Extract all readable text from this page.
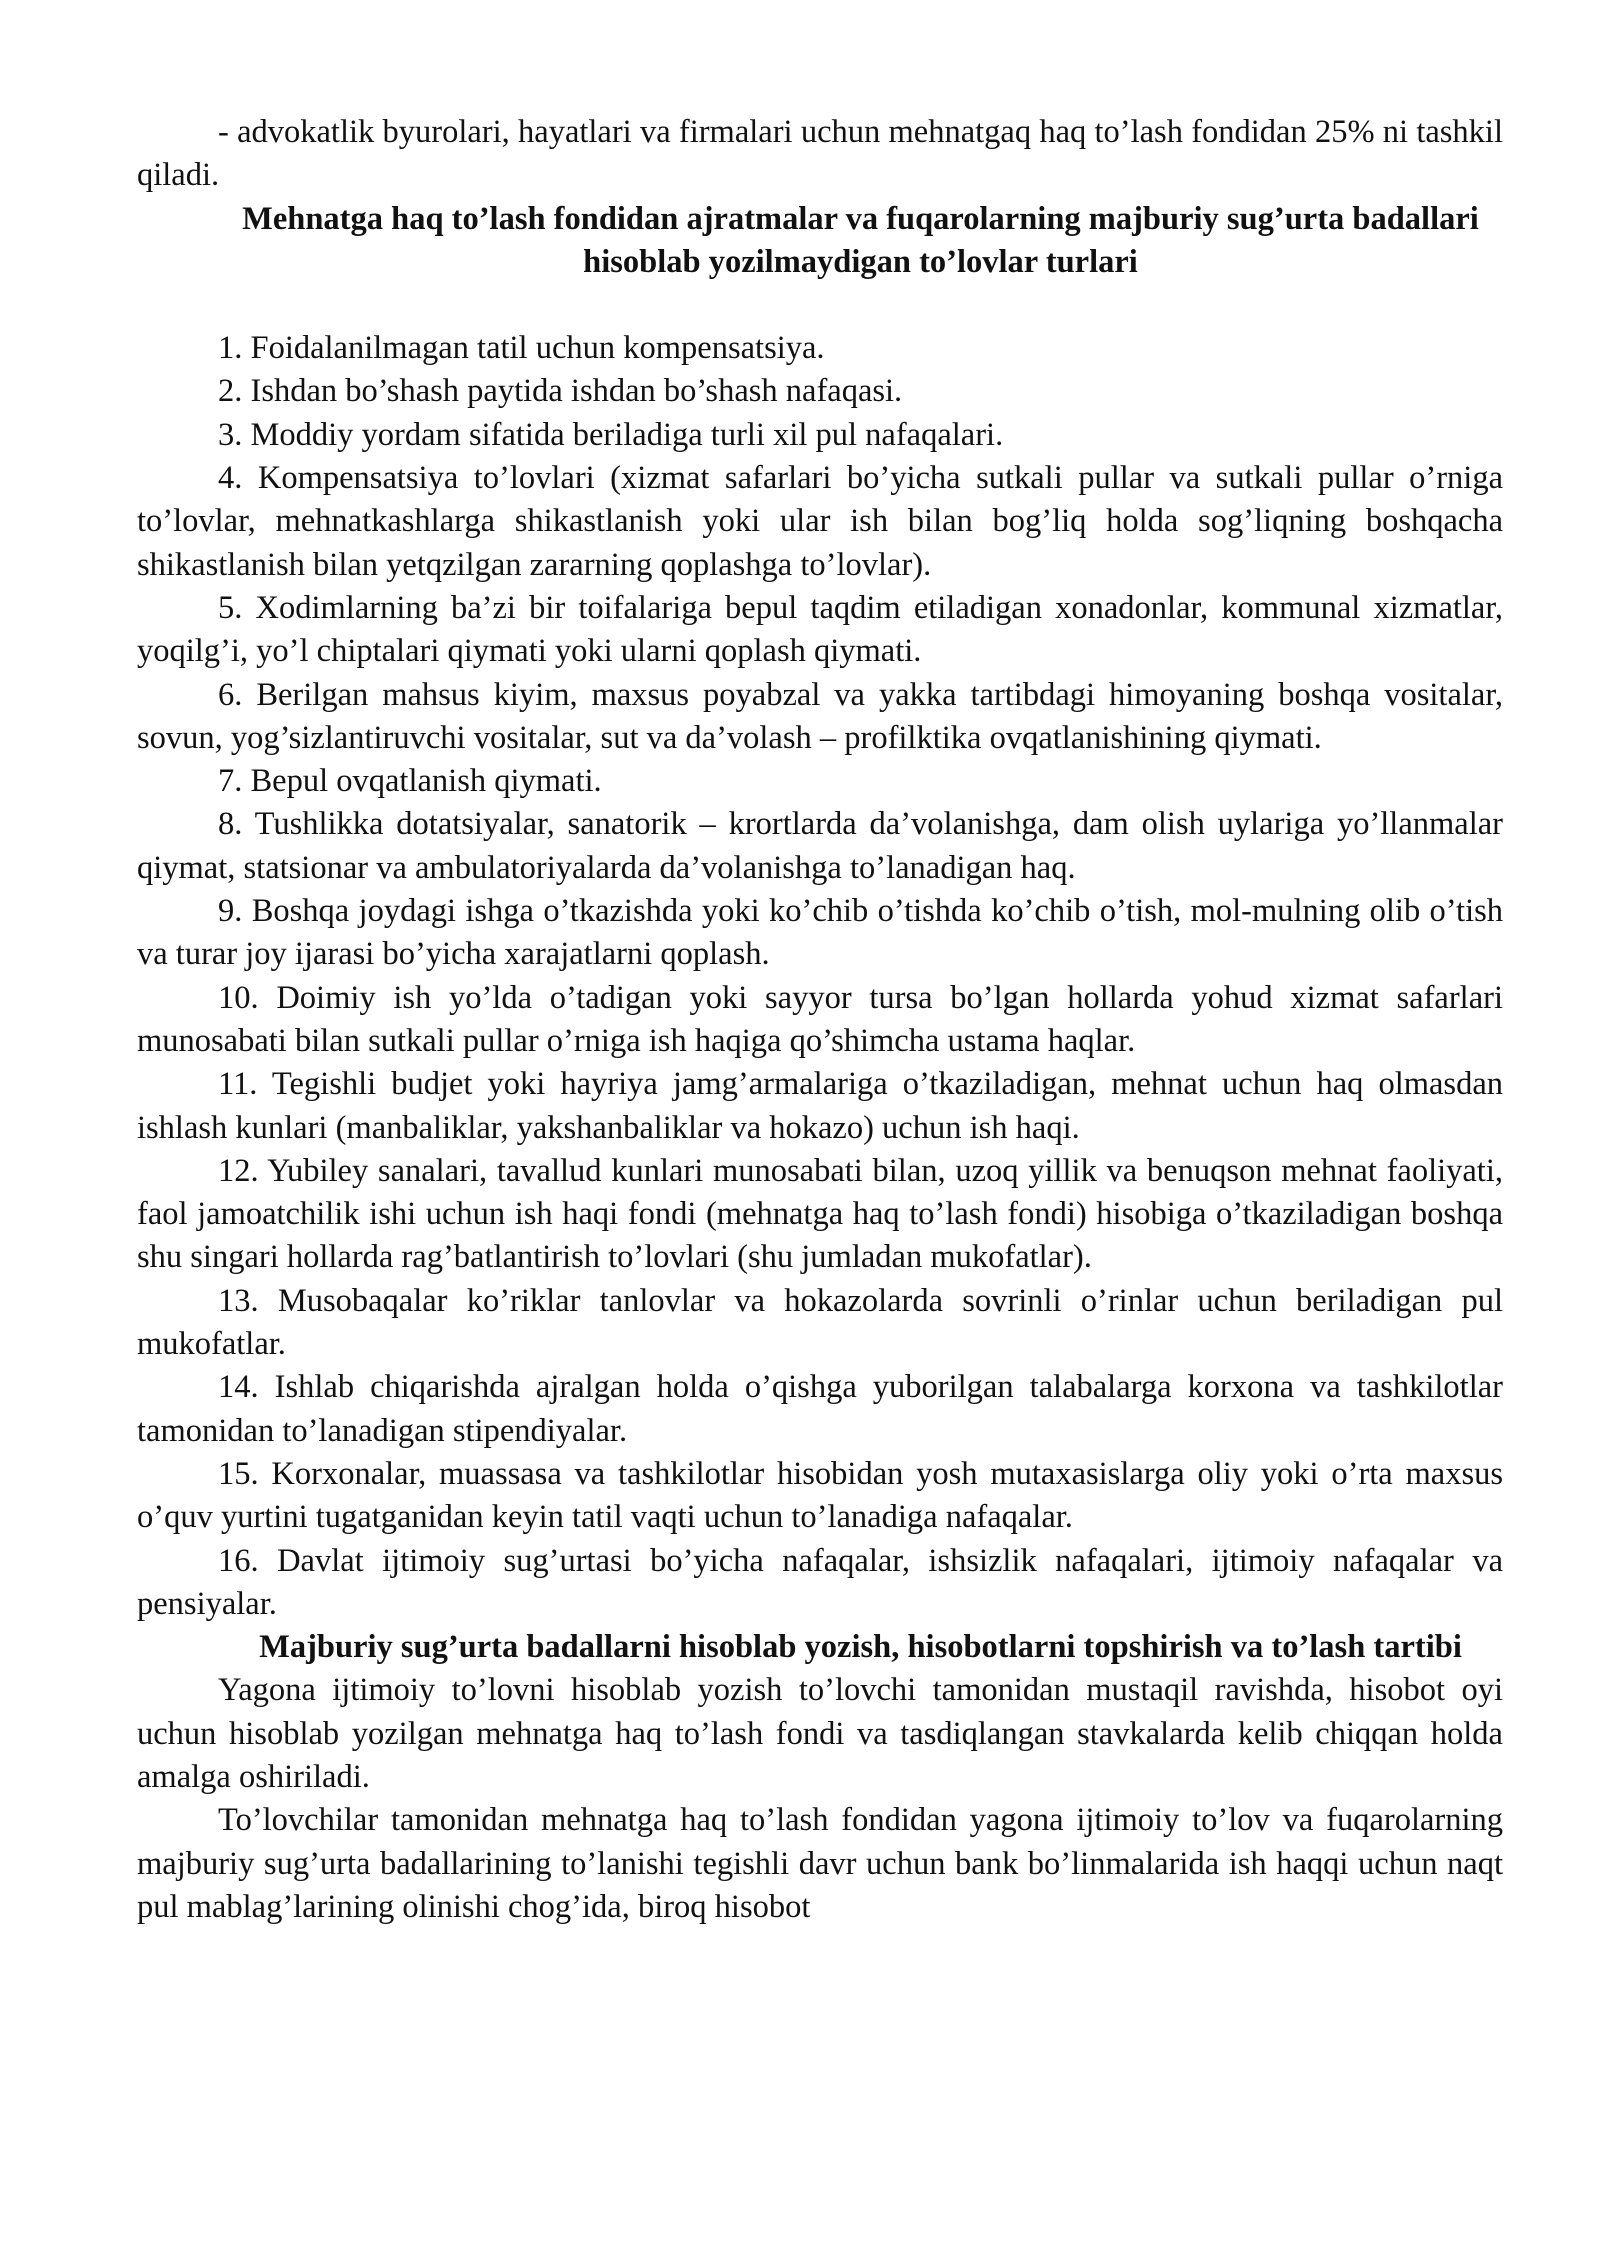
- advokatlik byurolari, hayatlari va firmalari uchun mehnatgaq haq to’lash fondidan 25% ni tashkil qiladi.

Mehnatga haq to’lash fondidan ajratmalar va fuqarolarning majburiy sug’urta badallari hisoblab yozilmaydigan to’lovlar turlari

1. Foidalanilmagan tatil uchun kompensatsiya.

2. Ishdan bo’shash paytida ishdan bo’shash nafaqasi.

3. Moddiy yordam sifatida beriladiga turli xil pul nafaqalari.

4. Kompensatsiya to’lovlari (xizmat safarlari bo’yicha sutkali pullar va sutkali pullar o’rniga to’lovlar, mehnatkashlarga shikastlanish yoki ular ish bilan bog’liq holda sog’liqning boshqacha shikastlanish bilan yetqzilgan zararning qoplashga to’lovlar).

5. Xodimlarning ba’zi bir toifalariga bepul taqdim etiladigan xonadonlar, kommunal xizmatlar, yoqilg’i, yo’l chiptalari qiymati yoki ularni qoplash qiymati.

6. Berilgan mahsus kiyim, maxsus poyabzal va yakka tartibdagi himoyaning boshqa vositalar, sovun, yog’sizlantiruvchi vositalar, sut va da’volash – profilktika ovqatlanishining qiymati.

7. Bepul ovqatlanish qiymati.

8. Tushlikka dotatsiyalar, sanatorik – krortlarda da’volanishga, dam olish uylariga yo’llanmalar qiymat, statsionar va ambulatoriyalarda da’volanishga to’lanadigan haq.

9. Boshqa joydagi ishga o’tkazishda yoki ko’chib o’tishda ko’chib o’tish, mol-mulning olib o’tish va turar joy ijarasi bo’yicha xarajatlarni qoplash.

10. Doimiy ish yo’lda o’tadigan yoki sayyor tursa bo’lgan hollarda yohud xizmat safarlari munosabati bilan sutkali pullar o’rniga ish haqiga qo’shimcha ustama haqlar.

11. Tegishli budjet yoki hayriya jamg’armalariga o’tkaziladigan, mehnat uchun haq olmasdan ishlash kunlari (manbaliklar, yakshanbaliklar va hokazo) uchun ish haqi.

12. Yubiley sanalari, tavallud kunlari munosabati bilan, uzoq yillik va benuqson mehnat faoliyati, faol jamoatchilik ishi uchun ish haqi fondi (mehnatga haq to’lash fondi) hisobiga o’tkaziladigan boshqa shu singari hollarda rag’batlantirish to’lovlari (shu jumladan mukofatlar).

13. Musobaqalar ko’riklar tanlovlar va hokazolarda sovrinli o’rinlar uchun beriladigan pul mukofatlar.

14. Ishlab chiqarishda ajralgan holda o’qishga yuborilgan talabalarga korxona va tashkilotlar tamonidan to’lanadigan stipendiyalar.

15. Korxonalar, muassasa va tashkilotlar hisobidan yosh mutaxasislarga oliy yoki o’rta maxsus o’quv yurtini tugatganidan keyin tatil vaqti uchun to’lanadiga nafaqalar.

16. Davlat ijtimoiy sug’urtasi bo’yicha nafaqalar, ishsizlik nafaqalari, ijtimoiy nafaqalar va pensiyalar.

Majburiy sug’urta badallarni hisoblab yozish, hisobotlarni topshirish va to’lash tartibi

Yagona ijtimoiy to’lovni hisoblab yozish to’lovchi tamonidan mustaqil ravishda, hisobot oyi uchun hisoblab yozilgan mehnatga haq to’lash fondi va tasdiqlangan stavkalarda kelib chiqqan holda amalga oshiriladi.

To’lovchilar tamonidan mehnatga haq to’lash fondidan yagona ijtimoiy to’lov va fuqarolarning majburiy sug’urta badallarining to’lanishi tegishli davr uchun bank bo’linmalarida ish haqqi uchun naqt pul mablag’larining olinishi chog’ida, biroq hisobot
